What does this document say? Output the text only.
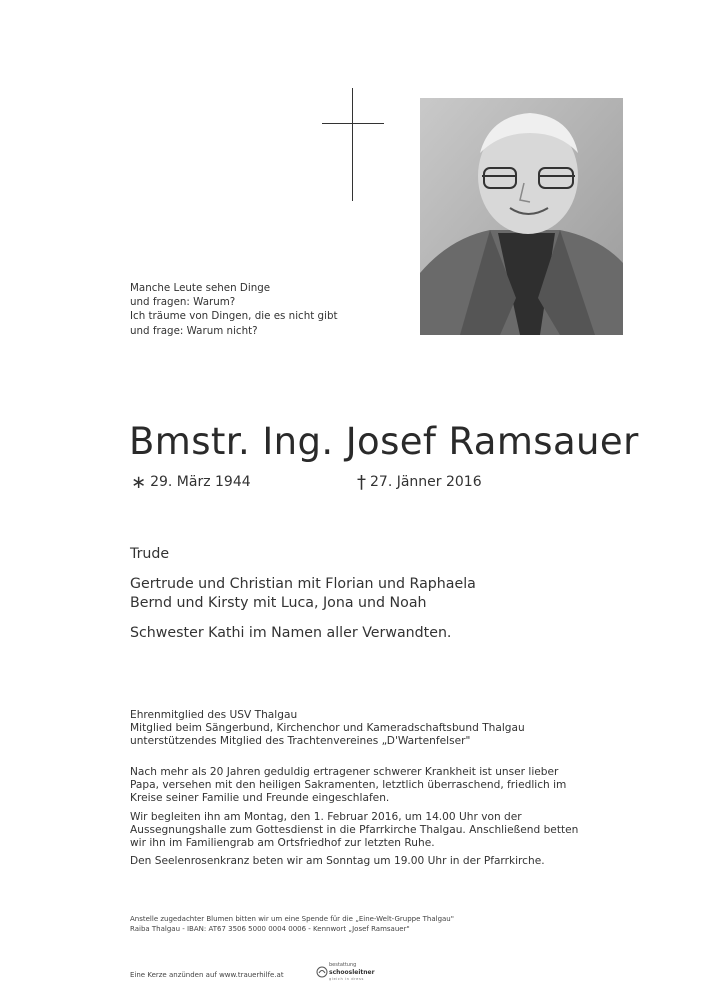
Manche Leute sehen Dinge
und fragen: Warum?
Ich träume von Dingen, die es nicht gibt
und frage: Warum nicht?
Bmstr. Ing. Josef Ramsauer
∗ 29. März 1944	† 27. Jänner 2016
Trude
Gertrude und Christian mit Florian und Raphaela
Bernd und Kirsty mit Luca, Jona und Noah
Schwester Kathi im Namen aller Verwandten.
Ehrenmitglied des USV Thalgau
Mitglied beim Sängerbund, Kirchenchor und Kameradschaftsbund Thalgau
unterstützendes Mitglied des Trachtenvereines „D'Wartenfelser"
Nach mehr als 20 Jahren geduldig ertragener schwerer Krankheit ist unser lieber
Papa, versehen mit den heiligen Sakramenten, letztlich überraschend, friedlich im
Kreise seiner Familie und Freunde eingeschlafen.
Wir begleiten ihn am Montag, den 1. Februar 2016, um 14.00 Uhr von der
Aussegnungshalle zum Gottesdienst in die Pfarrkirche Thalgau. Anschließend betten
wir ihn im Familiengrab am Ortsfriedhof zur letzten Ruhe.
Den Seelenrosenkranz beten wir am Sonntag um 19.00 Uhr in der Pfarrkirche.
Anstelle zugedachter Blumen bitten wir um eine Spende für die „Eine-Welt-Gruppe Thalgau"
Raiba Thalgau - IBAN: AT67 3506 5000 0004 0006 - Kennwort „Josef Ramsauer"
Eine Kerze anzünden auf www.trauerhilfe.at
bestattung
schoosleitner
gleich in dress
